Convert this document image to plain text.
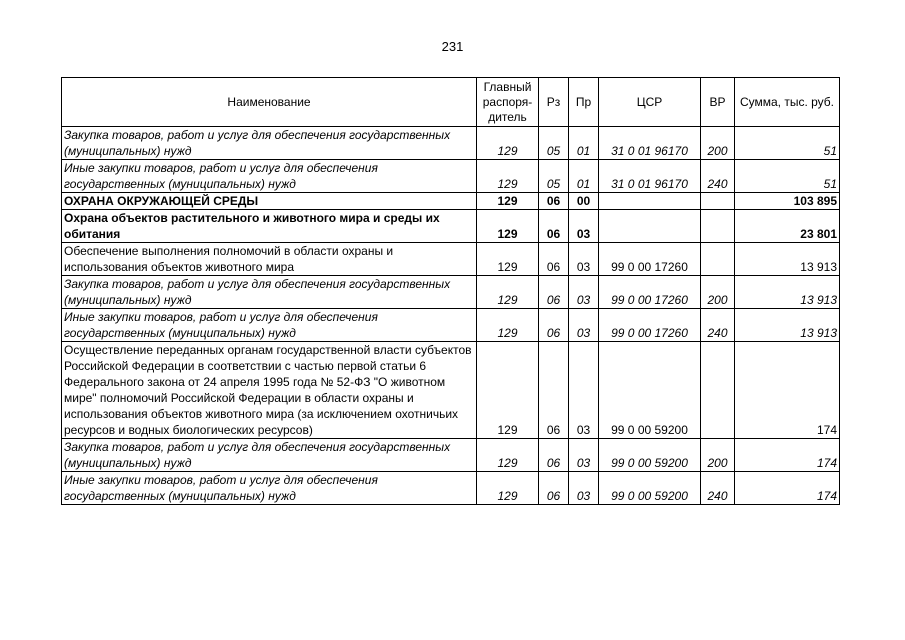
231
Наименование	Главный распоря-дитель	Рз	Пр	ЦСР	ВР	Сумма, тыс. руб.
Закупка товаров, работ и услуг для обеспечения государственных (муниципальных) нужд	129	05	01	31 0 01 96170	200	51
Иные закупки товаров, работ и услуг для обеспечения государственных (муниципальных) нужд	129	05	01	31 0 01 96170	240	51
ОХРАНА ОКРУЖАЮЩЕЙ СРЕДЫ	129	06	00			103 895
Охрана объектов растительного и животного мира и среды их обитания	129	06	03			23 801
Обеспечение выполнения полномочий в области охраны и использования объектов животного мира	129	06	03	99 0 00 17260		13 913
Закупка товаров, работ и услуг для обеспечения государственных (муниципальных) нужд	129	06	03	99 0 00 17260	200	13 913
Иные закупки товаров, работ и услуг для обеспечения государственных (муниципальных) нужд	129	06	03	99 0 00 17260	240	13 913
Осуществление переданных органам государственной власти субъектов Российской Федерации в соответствии с частью первой статьи 6 Федерального закона от 24 апреля 1995 года № 52-ФЗ "О животном мире" полномочий Российской Федерации в области охраны и использования объектов животного мира (за исключением охотничьих ресурсов и водных биологических ресурсов)	129	06	03	99 0 00 59200		174
Закупка товаров, работ и услуг для обеспечения государственных (муниципальных) нужд	129	06	03	99 0 00 59200	200	174
Иные закупки товаров, работ и услуг для обеспечения государственных (муниципальных) нужд	129	06	03	99 0 00 59200	240	174
